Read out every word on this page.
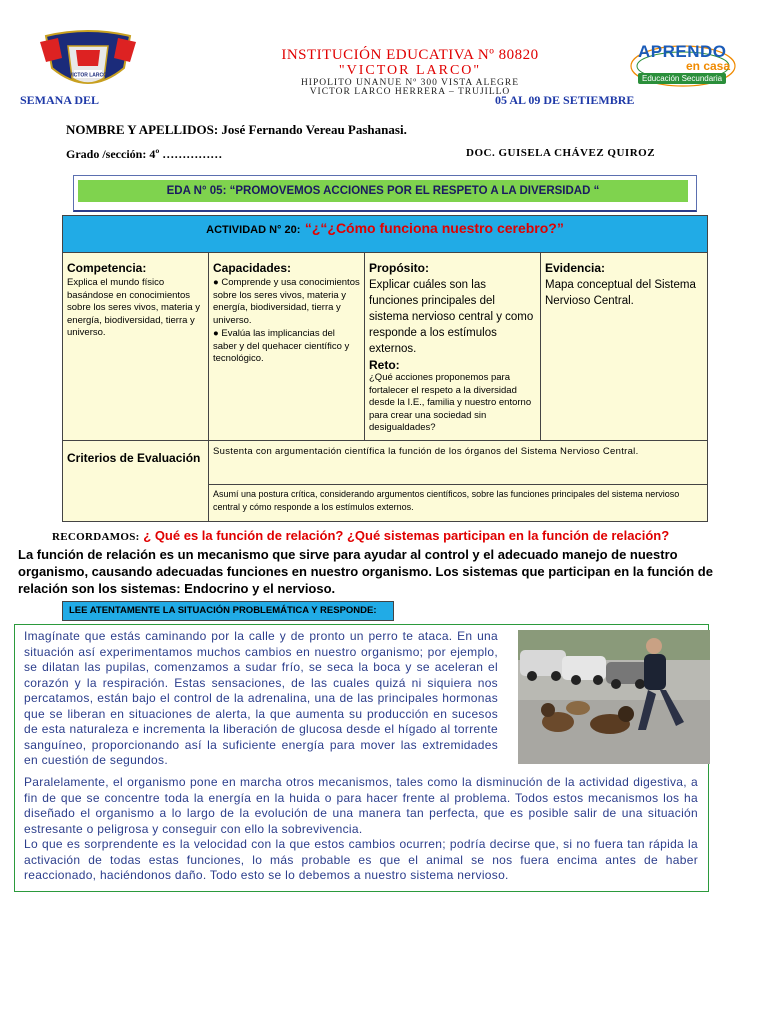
VICTOR LARCO
INSTITUCIÓN EDUCATIVA Nº 80820
"VICTOR LARCO"
HIPOLITO UNANUE Nº 300 VISTA ALEGRE
VICTOR LARCO HERRERA – TRUJILLO
SEMANA DEL	05 AL 09 DE SETIEMBRE
APRENDO
en casa
Educación Secundaria
NOMBRE Y APELLIDOS: José Fernando Vereau Pashanasi.
Grado /sección: 4º ……………	DOC. GUISELA CHÁVEZ QUIROZ
EDA N° 05: “PROMOVEMOS ACCIONES POR EL RESPETO A LA DIVERSIDAD “
ACTIVIDAD N° 20: “¿“¿Cómo funciona nuestro cerebro?”
Competencia:
Explica el mundo físico basándose en conocimientos sobre los seres vivos, materia y energía, biodiversidad, tierra y universo.
Capacidades:
● Comprende y usa conocimientos sobre los seres vivos, materia y energía, biodiversidad, tierra y universo.
● Evalúa las implicancias del saber y del quehacer científico y tecnológico.
Propósito:
Explicar cuáles son las funciones principales del sistema nervioso central y como responde a los estímulos externos.
Reto:
¿Qué acciones proponemos para fortalecer el respeto a la diversidad desde la I.E., familia y nuestro entorno para crear una sociedad sin desigualdades?
Evidencia:
Mapa conceptual del Sistema Nervioso Central.
Criterios de Evaluación	Sustenta con argumentación científica la función de los órganos del Sistema Nervioso Central.
Asumí una postura crítica, considerando argumentos científicos, sobre las funciones principales del sistema nervioso central y cómo responde a los estímulos externos.
RECORDAMOS: ¿ Qué es la función de relación? ¿Qué sistemas participan en la función de relación?
La función de relación es un mecanismo que sirve para ayudar al control y el adecuado manejo de nuestro organismo, causando adecuadas funciones en nuestro organismo. Los sistemas que participan en la función de relación son los sistemas: Endocrino y el nervioso.
LEE ATENTAMENTE LA SITUACIÓN PROBLEMÁTICA Y RESPONDE:
Imagínate que estás caminando por la calle y de pronto un perro te ataca. En una situación así experimentamos muchos cambios en nuestro organismo; por ejemplo, se dilatan las pupilas, comenzamos a sudar frío, se seca la boca y se aceleran el corazón y la respiración. Estas sensaciones, de las cuales quizá ni siquiera nos percatamos, están bajo el control de la adrenalina, una de las principales hormonas que se liberan en situaciones de alerta, la que aumenta su producción en sucesos de esta naturaleza e incrementa la liberación de glucosa desde el hígado al torrente sanguíneo, proporcionando así la suficiente energía para mover las extremidades en cuestión de segundos.
Paralelamente, el organismo pone en marcha otros mecanismos, tales como la disminución de la actividad digestiva, a fin de que se concentre toda la energía en la huida o para hacer frente al problema. Todos estos mecanismos los ha diseñado el organismo a lo largo de la evolución de una manera tan perfecta, que es posible salir de una situación estresante o peligrosa y conseguir con ello la sobrevivencia.
Lo que es sorprendente es la velocidad con la que estos cambios ocurren; podría decirse que, si no fuera tan rápida la activación de todas estas funciones, lo más probable es que el animal se nos fuera encima antes de haber reaccionado, haciéndonos daño. Todo esto se lo debemos a nuestro sistema nervioso.
